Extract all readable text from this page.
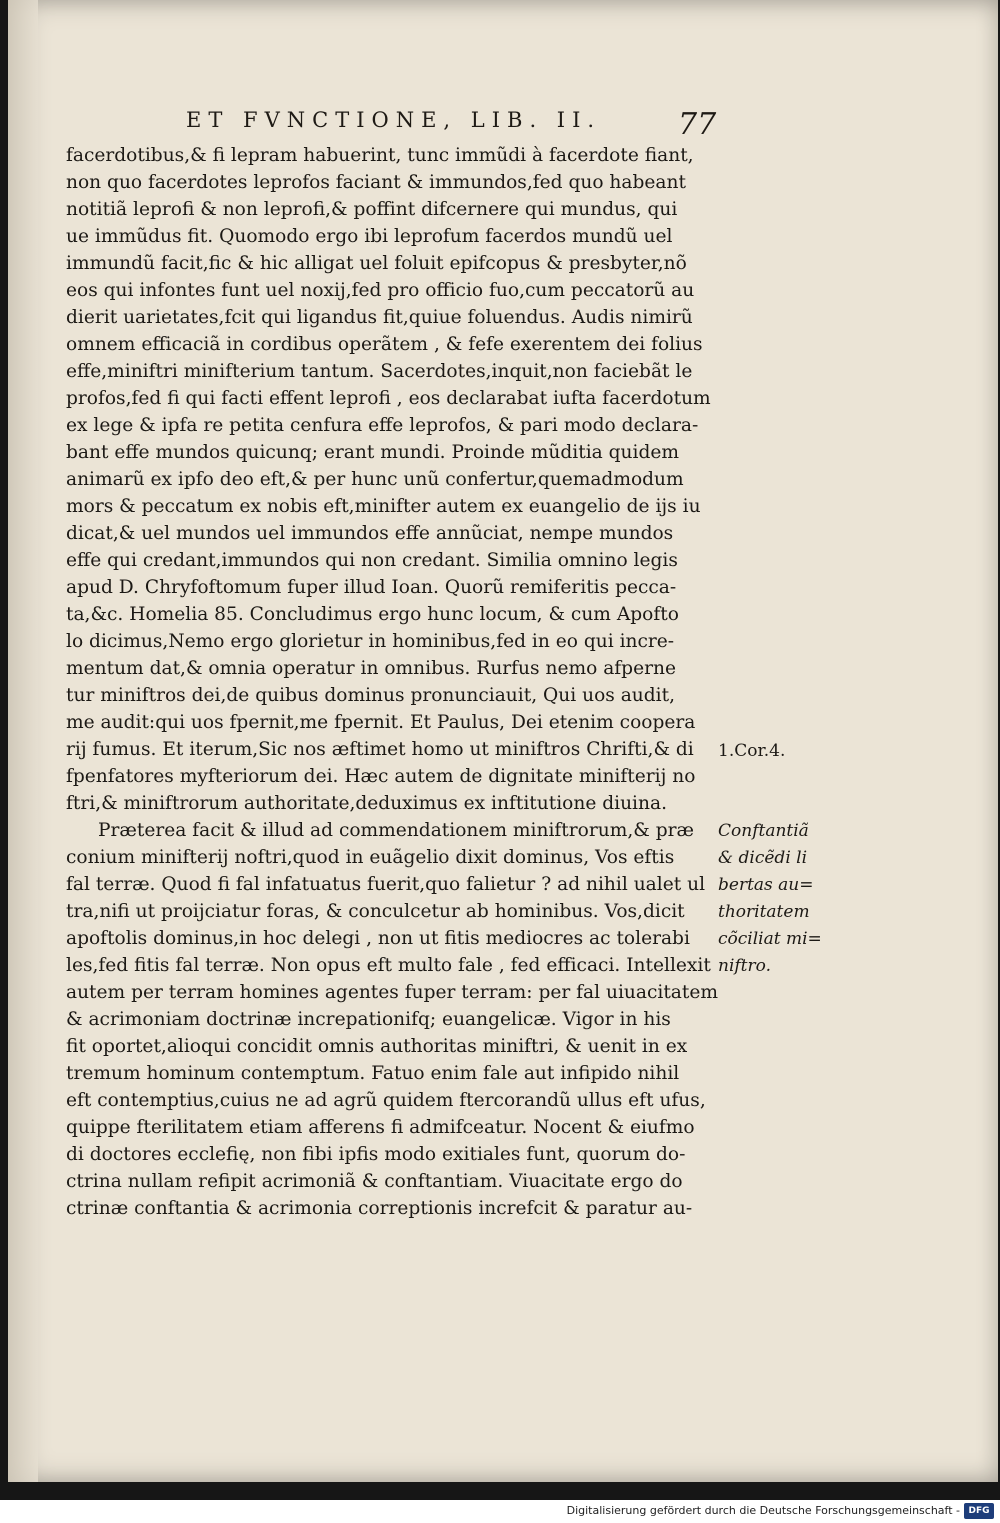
ET FVNCTIONE, LIB. II.	77
facerdotibus,& fi lepram habuerint, tunc immũdi à facerdote fiant,
non quo facerdotes leprofos faciant & immundos,fed quo habeant
notitiã leprofi & non leprofi,& poffint difcernere qui mundus, qui
ue immũdus fit. Quomodo ergo ibi leprofum facerdos mundũ uel
immundũ facit,fic & hic alligat uel foluit epifcopus & presbyter,nõ
eos qui infontes funt uel noxij,fed pro officio fuo,cum peccatorũ au
dierit uarietates,fcit qui ligandus fit,quiue foluendus. Audis nimirũ
omnem efficaciã in cordibus operãtem , & fefe exerentem dei folius
effe,miniftri minifterium tantum. Sacerdotes,inquit,non faciebãt le
profos,fed fi qui facti effent leprofi , eos declarabat iufta facerdotum
ex lege & ipfa re petita cenfura effe leprofos, & pari modo declara-
bant effe mundos quicunq; erant mundi. Proinde mũditia quidem
animarũ ex ipfo deo eft,& per hunc unũ confertur,quemadmodum
mors & peccatum ex nobis eft,minifter autem ex euangelio de ijs iu
dicat,& uel mundos uel immundos effe annũciat, nempe mundos
effe qui credant,immundos qui non credant. Similia omnino legis
apud D. Chryfoftomum fuper illud Ioan. Quorũ remiferitis pecca-
ta,&c. Homelia 85. Concludimus ergo hunc locum, & cum Apofto
lo dicimus,Nemo ergo glorietur in hominibus,fed in eo qui incre-
mentum dat,& omnia operatur in omnibus. Rurfus nemo afperne
tur miniftros dei,de quibus dominus pronunciauit, Qui uos audit,
me audit:qui uos fpernit,me fpernit. Et Paulus, Dei etenim coopera
rij fumus. Et iterum,Sic nos æftimet homo ut miniftros Chrifti,& di
fpenfatores myfteriorum dei. Hæc autem de dignitate minifterij no
ftri,& miniftrorum authoritate,deduximus ex inftitutione diuina.
Præterea facit & illud ad commendationem miniftrorum,& præ
conium minifterij noftri,quod in euãgelio dixit dominus, Vos eftis
fal terræ. Quod fi fal infatuatus fuerit,quo falietur ? ad nihil ualet ul
tra,nifi ut proijciatur foras, & conculcetur ab hominibus. Vos,dicit
apoftolis dominus,in hoc delegi , non ut fitis mediocres ac tolerabi
les,fed fitis fal terræ. Non opus eft multo fale , fed efficaci. Intellexit
autem per terram homines agentes fuper terram: per fal uiuacitatem
& acrimoniam doctrinæ increpationifq; euangelicæ. Vigor in his
fit oportet,alioqui concidit omnis authoritas miniftri, & uenit in ex
tremum hominum contemptum. Fatuo enim fale aut infipido nihil
eft contemptius,cuius ne ad agrũ quidem ftercorandũ ullus eft ufus,
quippe fterilitatem etiam afferens fi admifceatur. Nocent & eiufmo
di doctores ecclefię, non fibi ipfis modo exitiales funt, quorum do-
ctrina nullam refipit acrimoniã & conftantiam. Viuacitate ergo do
ctrinæ conftantia & acrimonia correptionis increfcit & paratur au-
1.Cor.4.
Conftantiã
& dicẽdi li
bertas au=
thoritatem
cõciliat mi=
niftro.
Digitalisierung gefördert durch die Deutsche Forschungsgemeinschaft - DFG
